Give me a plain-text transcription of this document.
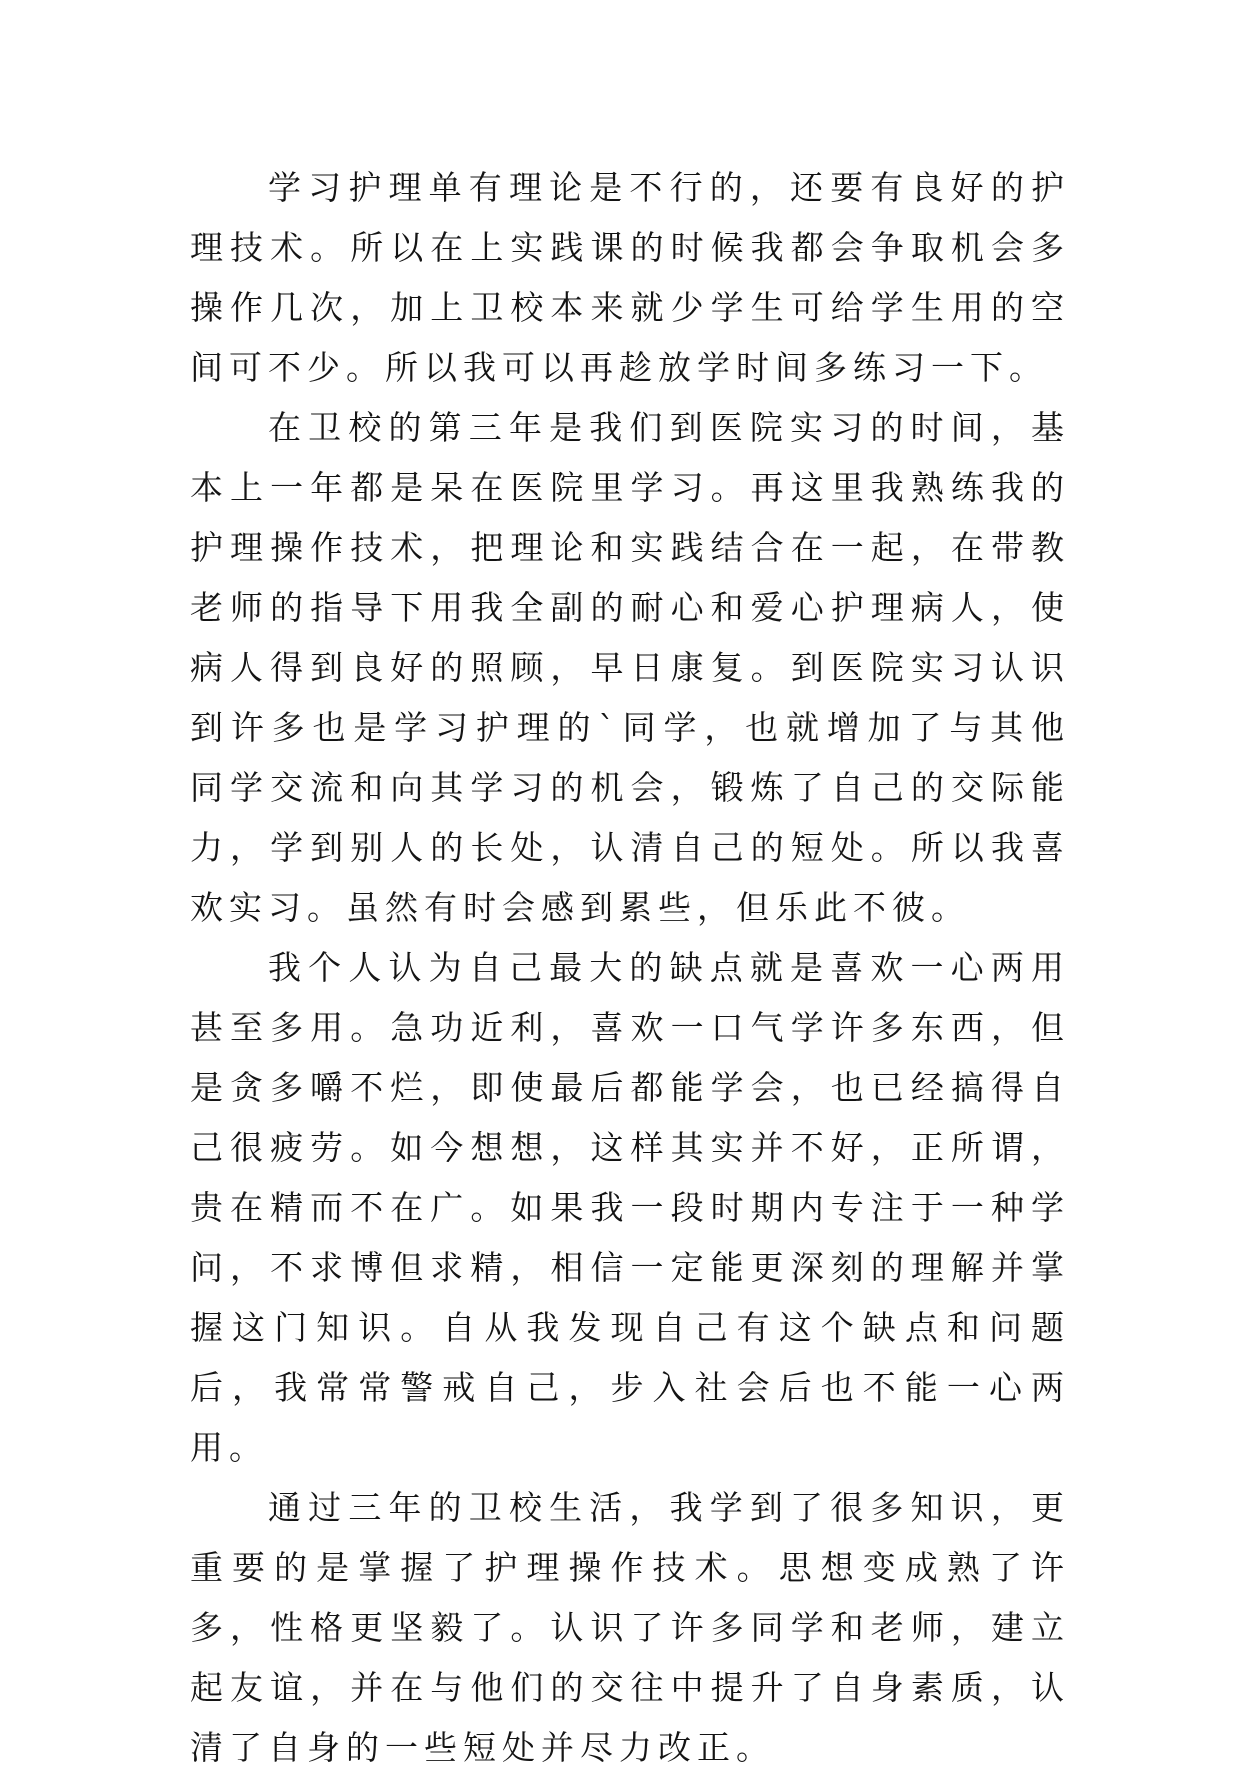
学习护理单有理论是不行的，还要有良好的护理技术。所以在上实践课的时候我都会争取机会多操作几次，加上卫校本来就少学生可给学生用的空间可不少。所以我可以再趁放学时间多练习一下。

在卫校的第三年是我们到医院实习的时间，基本上一年都是呆在医院里学习。再这里我熟练我的护理操作技术，把理论和实践结合在一起，在带教老师的指导下用我全副的耐心和爱心护理病人，使病人得到良好的照顾，早日康复。到医院实习认识到许多也是学习护理的`同学，也就增加了与其他同学交流和向其学习的机会，锻炼了自己的交际能力，学到别人的长处，认清自己的短处。所以我喜欢实习。虽然有时会感到累些，但乐此不彼。

我个人认为自己最大的缺点就是喜欢一心两用甚至多用。急功近利，喜欢一口气学许多东西，但是贪多嚼不烂，即使最后都能学会，也已经搞得自己很疲劳。如今想想，这样其实并不好，正所谓，贵在精而不在广。如果我一段时期内专注于一种学问，不求博但求精，相信一定能更深刻的理解并掌握这门知识。自从我发现自己有这个缺点和问题后，我常常警戒自己，步入社会后也不能一心两用。

通过三年的卫校生活，我学到了很多知识，更重要的是掌握了护理操作技术。思想变成熟了许多，性格更坚毅了。认识了许多同学和老师，建立起友谊，并在与他们的交往中提升了自身素质，认清了自身的一些短处并尽力改正。
